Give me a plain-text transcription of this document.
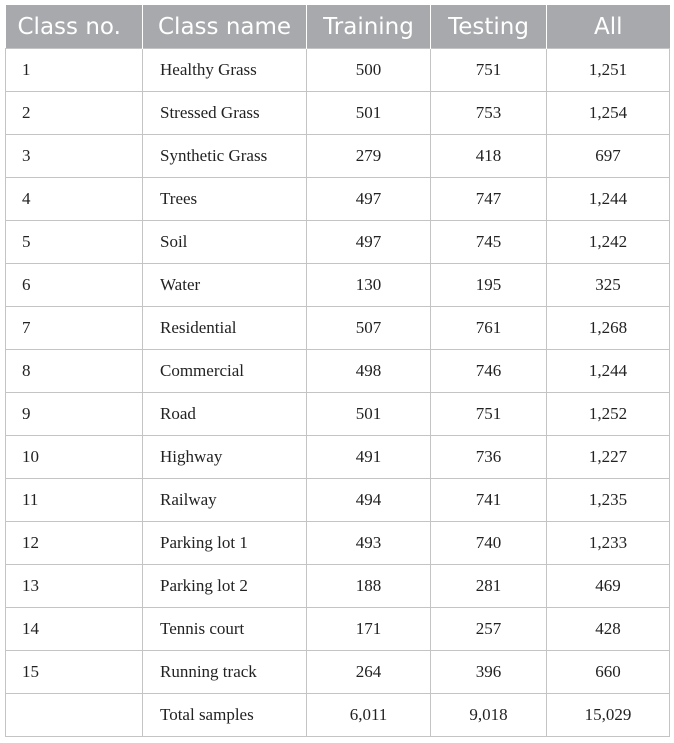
Class no.	Class name	Training	Testing	All
1	Healthy Grass	500	751	1,251
2	Stressed Grass	501	753	1,254
3	Synthetic Grass	279	418	697
4	Trees	497	747	1,244
5	Soil	497	745	1,242
6	Water	130	195	325
7	Residential	507	761	1,268
8	Commercial	498	746	1,244
9	Road	501	751	1,252
10	Highway	491	736	1,227
11	Railway	494	741	1,235
12	Parking lot 1	493	740	1,233
13	Parking lot 2	188	281	469
14	Tennis court	171	257	428
15	Running track	264	396	660
	Total samples	6,011	9,018	15,029
